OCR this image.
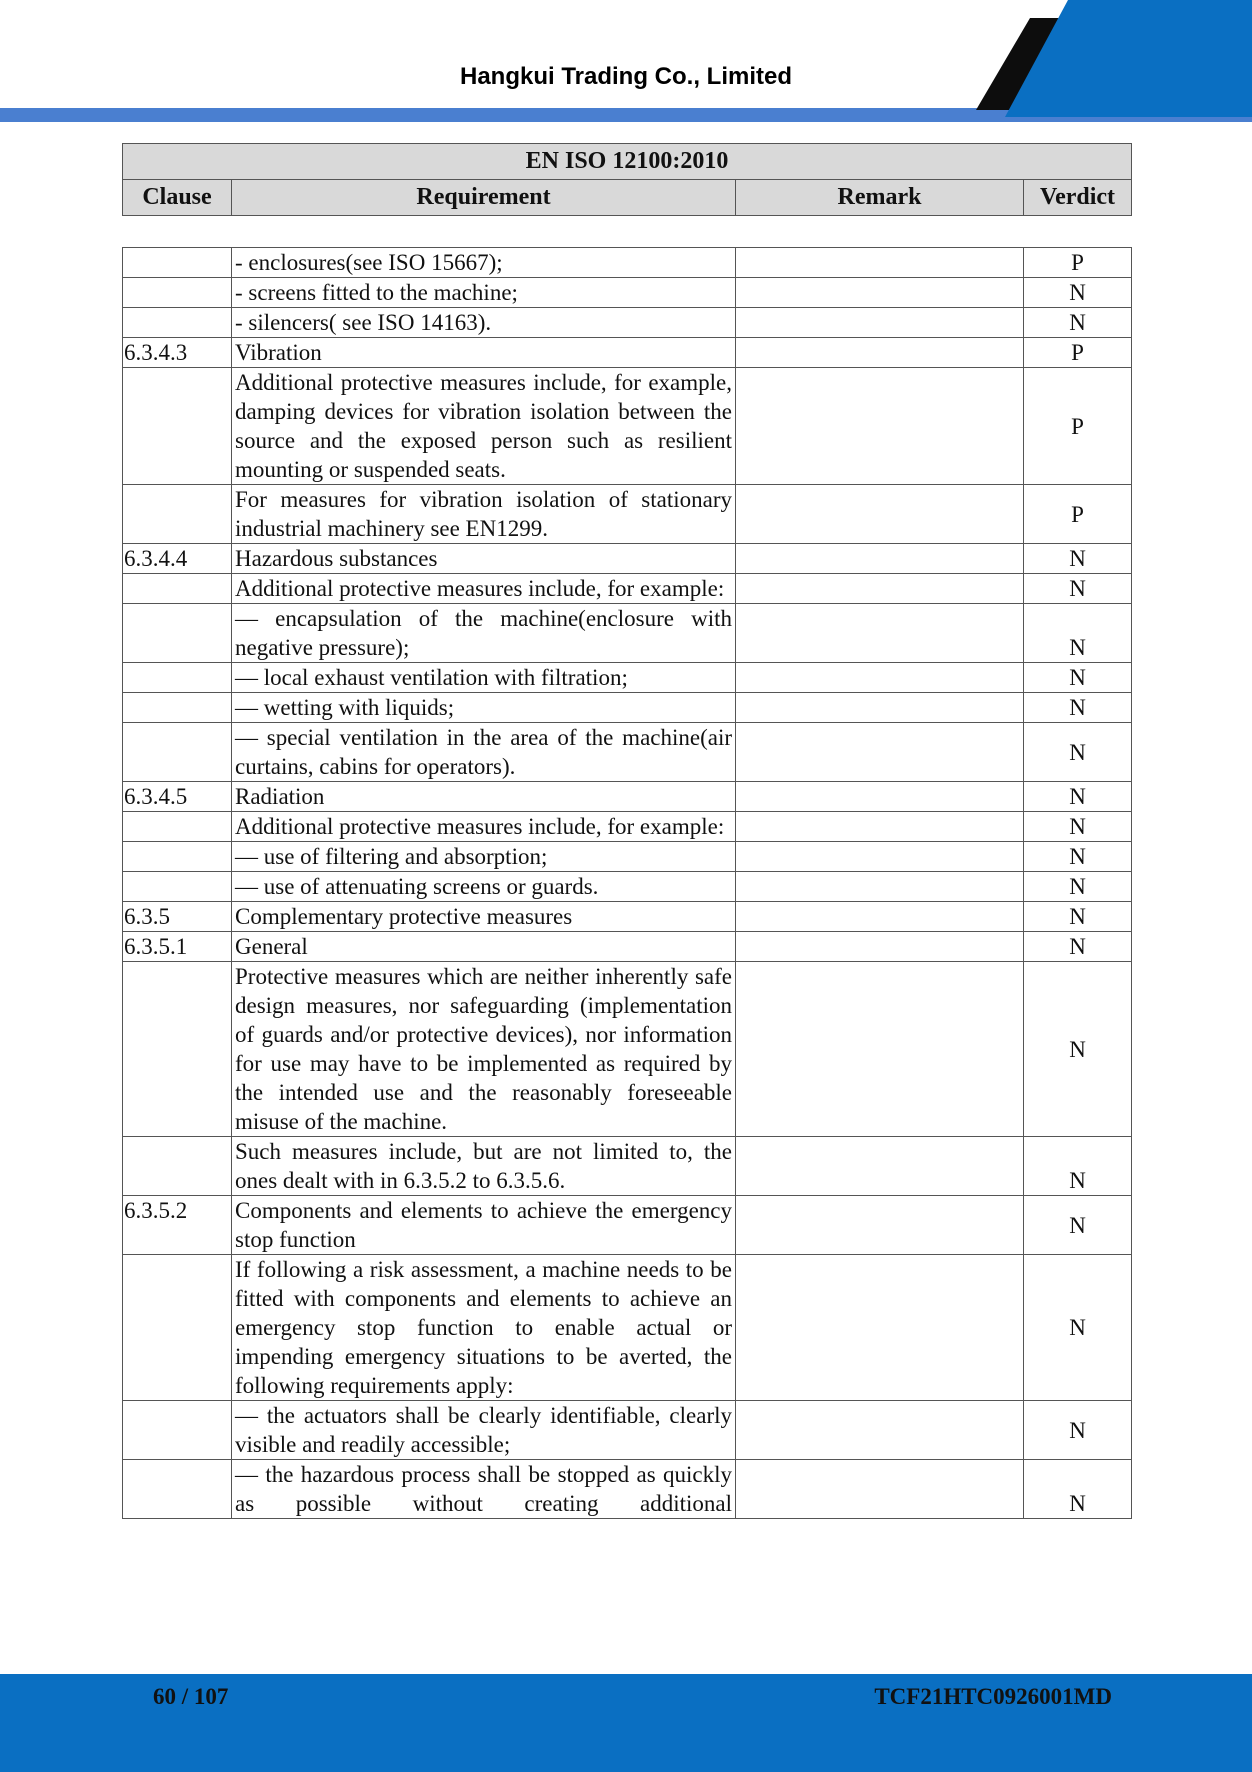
Hangkui Trading Co., Limited
EN ISO 12100:2010
Clause	Requirement	Remark	Verdict
	- enclosures(see ISO 15667);		P
	- screens fitted to the machine;		N
	- silencers( see ISO 14163).		N
6.3.4.3	Vibration		P
	Additional protective measures include, for example, damping devices for vibration isolation between the source and the exposed person such as resilient mounting or suspended seats.		P
	For measures for vibration isolation of stationary industrial machinery see EN1299.		P
6.3.4.4	Hazardous substances		N
	Additional protective measures include, for example:		N
	— encapsulation of the machine(enclosure with negative pressure);		N
	— local exhaust ventilation with filtration;		N
	— wetting with liquids;		N
	— special ventilation in the area of the machine(air curtains, cabins for operators).		N
6.3.4.5	Radiation		N
	Additional protective measures include, for example:		N
	— use of filtering and absorption;		N
	— use of attenuating screens or guards.		N
6.3.5	Complementary protective measures		N
6.3.5.1	General		N
	Protective measures which are neither inherently safe design measures, nor safeguarding (implementation of guards and/or protective devices), nor information for use may have to be implemented as required by the intended use and the reasonably foreseeable misuse of the machine.		N
	Such measures include, but are not limited to, the ones dealt with in 6.3.5.2 to 6.3.5.6.		N
6.3.5.2	Components and elements to achieve the emergency stop function		N
	If following a risk assessment, a machine needs to be fitted with components and elements to achieve an emergency stop function to enable actual or impending emergency situations to be averted, the following requirements apply:		N
	— the actuators shall be clearly identifiable, clearly visible and readily accessible;		N
	— the hazardous process shall be stopped as quickly as possible without creating additional		N
60 / 107	TCF21HTC0926001MD
